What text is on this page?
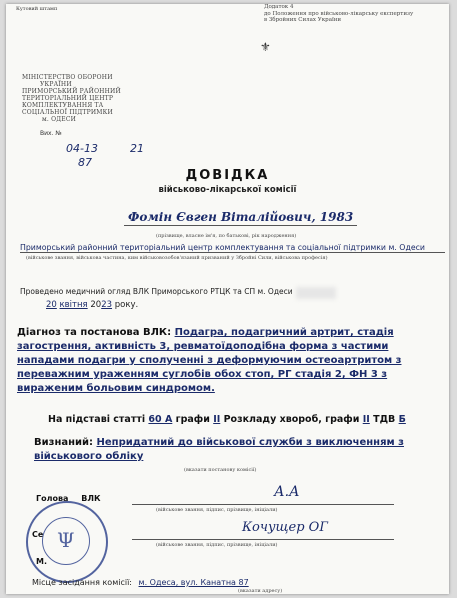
Кутовий штамп	Додаток 4
до Положення про військово-лікарську експертизу
в Збройних Силах України
⚜
МІНІСТЕРСТВО ОБОРОНИ
УКРАЇНИ
ПРИМОРСЬКИЙ РАЙОННИЙ
ТЕРИТОРІАЛЬНИЙ ЦЕНТР
КОМПЛЕКТУВАННЯ ТА
СОЦІАЛЬНОЇ ПІДТРИМКИ
м. ОДЕСИ
Вих. №
04-13	21
87
ДОВІДКА
військово-лікарської комісії
Фомін Євген Віталійович, 1983
(прізвище, власне ім'я, по батькові, рік народження)
Приморський районний територіальний центр комплектування та соціальної підтримки м. Одеси
(військове звання, військова частина, ким військовозобов'язаний призваний у Збройні Сили, військова професія)
Проведено медичний огляд ВЛК Приморського РТЦК та СП м. Одеси
20 квітня 2023 року.
Діагноз та постанова ВЛК: Подагра, подагричний артрит, стадія загострення, активність 3, ревматоїдоподібна форма з частими нападами подагри у сполученні з деформуючим остеоартритом з переважним ураженням суглобів обох стоп, РГ стадія 2, ФН 3 з вираженим больовим синдромом.
На підставі статті 60 А графи II Розкладу хвороб, графи II ТДВ Б
Визнаний: Непридатний до військової служби з виключенням з військового обліку
(вказати постанову комісії)
Голова ВЛК	А.А
(військове звання, підпис, прізвище, ініціали)
Се	Кочущер ОГ
(військове звання, підпис, прізвище, ініціали)
М.
Ψ
Місце засідання комісії: м. Одеса, вул. Канатна 87
(вказати адресу)
